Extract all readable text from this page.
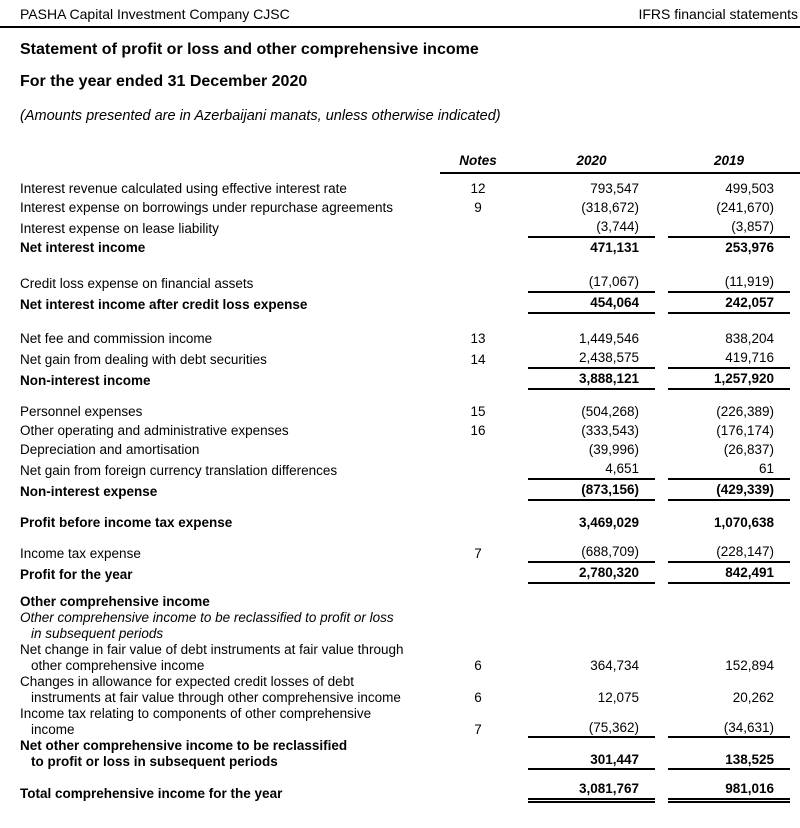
PASHA Capital Investment Company CJSC	IFRS financial statements
Statement of profit or loss and other comprehensive income
For the year ended 31 December 2020
(Amounts presented are in Azerbaijani manats, unless otherwise indicated)
Notes	2020	2019
Interest revenue calculated using effective interest rate	12	793,547	499,503
Interest expense on borrowings under repurchase agreements	9	(318,672)	(241,670)
Interest expense on lease liability	(3,744)	(3,857)
Net interest income	471,131	253,976
Credit loss expense on financial assets	(17,067)	(11,919)
Net interest income after credit loss expense	454,064	242,057
Net fee and commission income	13	1,449,546	838,204
Net gain from dealing with debt securities	14	2,438,575	419,716
Non-interest income	3,888,121	1,257,920
Personnel expenses	15	(504,268)	(226,389)
Other operating and administrative expenses	16	(333,543)	(176,174)
Depreciation and amortisation	(39,996)	(26,837)
Net gain from foreign currency translation differences	4,651	61
Non-interest expense	(873,156)	(429,339)
Profit before income tax expense	3,469,029	1,070,638
Income tax expense	7	(688,709)	(228,147)
Profit for the year	2,780,320	842,491
Other comprehensive income
Other comprehensive income to be reclassified to profit or loss
in subsequent periods
Net change in fair value of debt instruments at fair value through
other comprehensive income	6	364,734	152,894
Changes in allowance for expected credit losses of debt
instruments at fair value through other comprehensive income	6	12,075	20,262
Income tax relating to components of other comprehensive
income	7	(75,362)	(34,631)
Net other comprehensive income to be reclassified
to profit or loss in subsequent periods	301,447	138,525
Total comprehensive income for the year	3,081,767	981,016
